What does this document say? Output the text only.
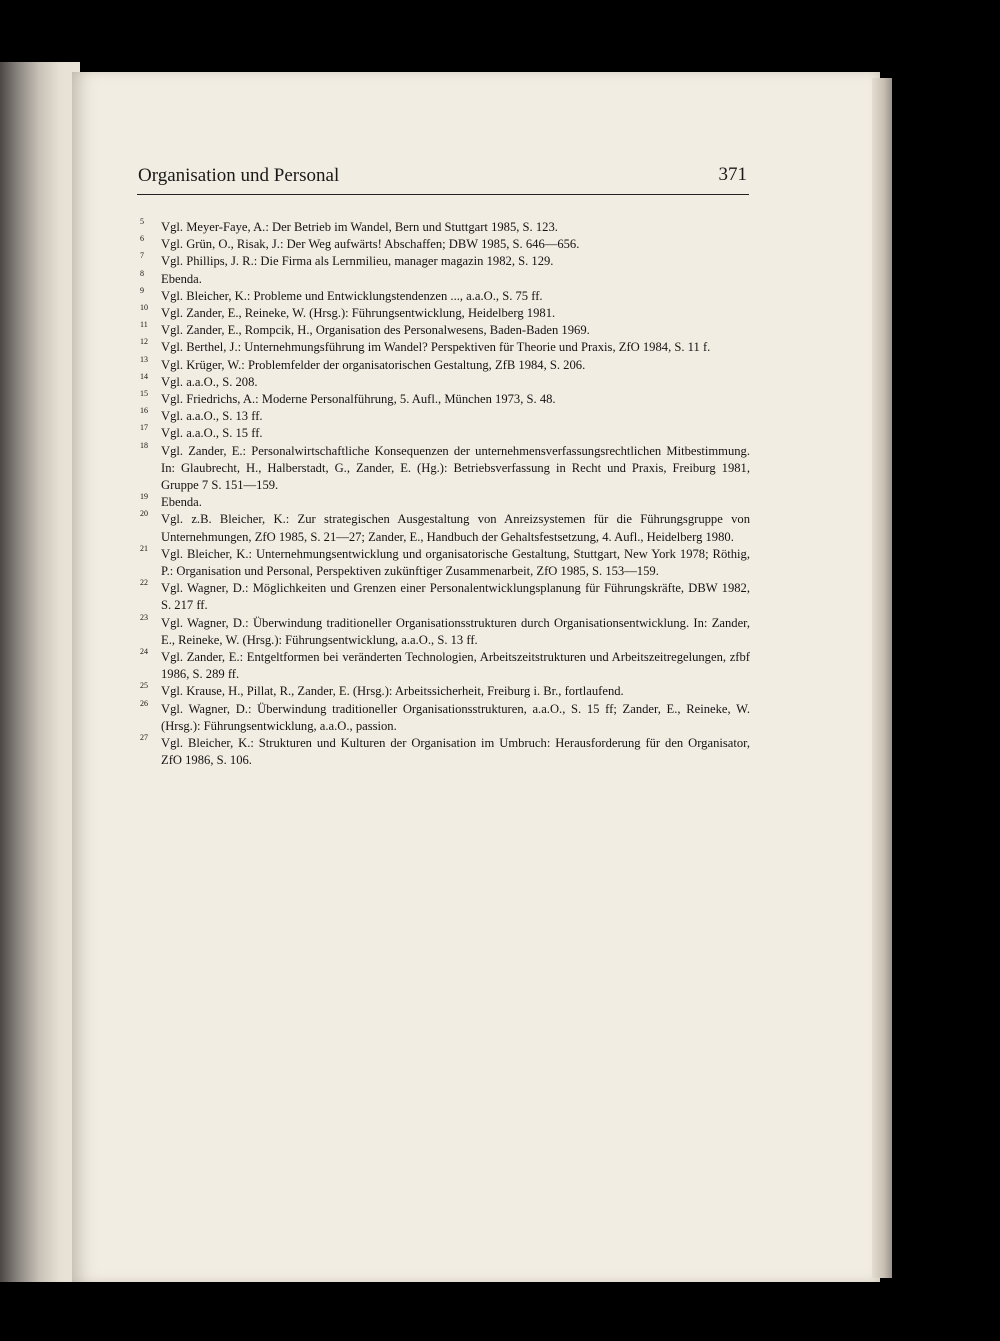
Organisation und Personal	371
5 Vgl. Meyer-Faye, A.: Der Betrieb im Wandel, Bern und Stuttgart 1985, S. 123.
6 Vgl. Grün, O., Risak, J.: Der Weg aufwärts! Abschaffen; DBW 1985, S. 646—656.
7 Vgl. Phillips, J. R.: Die Firma als Lernmilieu, manager magazin 1982, S. 129.
8 Ebenda.
9 Vgl. Bleicher, K.: Probleme und Entwicklungstendenzen ..., a.a.O., S. 75 ff.
10 Vgl. Zander, E., Reineke, W. (Hrsg.): Führungsentwicklung, Heidelberg 1981.
11 Vgl. Zander, E., Rompcik, H., Organisation des Personalwesens, Baden-Baden 1969.
12 Vgl. Berthel, J.: Unternehmungsführung im Wandel? Perspektiven für Theorie und Praxis, ZfO 1984, S. 11 f.
13 Vgl. Krüger, W.: Problemfelder der organisatorischen Gestaltung, ZfB 1984, S. 206.
14 Vgl. a.a.O., S. 208.
15 Vgl. Friedrichs, A.: Moderne Personalführung, 5. Aufl., München 1973, S. 48.
16 Vgl. a.a.O., S. 13 ff.
17 Vgl. a.a.O., S. 15 ff.
18 Vgl. Zander, E.: Personalwirtschaftliche Konsequenzen der unternehmensverfassungsrechtlichen Mitbestimmung. In: Glaubrecht, H., Halberstadt, G., Zander, E. (Hg.): Betriebsverfassung in Recht und Praxis, Freiburg 1981, Gruppe 7 S. 151—159.
19 Ebenda.
20 Vgl. z.B. Bleicher, K.: Zur strategischen Ausgestaltung von Anreizsystemen für die Führungsgruppe von Unternehmungen, ZfO 1985, S. 21—27; Zander, E., Handbuch der Gehaltsfestsetzung, 4. Aufl., Heidelberg 1980.
21 Vgl. Bleicher, K.: Unternehmungsentwicklung und organisatorische Gestaltung, Stuttgart, New York 1978; Röthig, P.: Organisation und Personal, Perspektiven zukünftiger Zusammenarbeit, ZfO 1985, S. 153—159.
22 Vgl. Wagner, D.: Möglichkeiten und Grenzen einer Personalentwicklungsplanung für Führungskräfte, DBW 1982, S. 217 ff.
23 Vgl. Wagner, D.: Überwindung traditioneller Organisationsstrukturen durch Organisationsentwicklung. In: Zander, E., Reineke, W. (Hrsg.): Führungsentwicklung, a.a.O., S. 13 ff.
24 Vgl. Zander, E.: Entgeltformen bei veränderten Technologien, Arbeitszeitstrukturen und Arbeitszeitregelungen, zfbf 1986, S. 289 ff.
25 Vgl. Krause, H., Pillat, R., Zander, E. (Hrsg.): Arbeitssicherheit, Freiburg i. Br., fortlaufend.
26 Vgl. Wagner, D.: Überwindung traditioneller Organisationsstrukturen, a.a.O., S. 15 ff; Zander, E., Reineke, W. (Hrsg.): Führungsentwicklung, a.a.O., passion.
27 Vgl. Bleicher, K.: Strukturen und Kulturen der Organisation im Umbruch: Herausforderung für den Organisator, ZfO 1986, S. 106.
